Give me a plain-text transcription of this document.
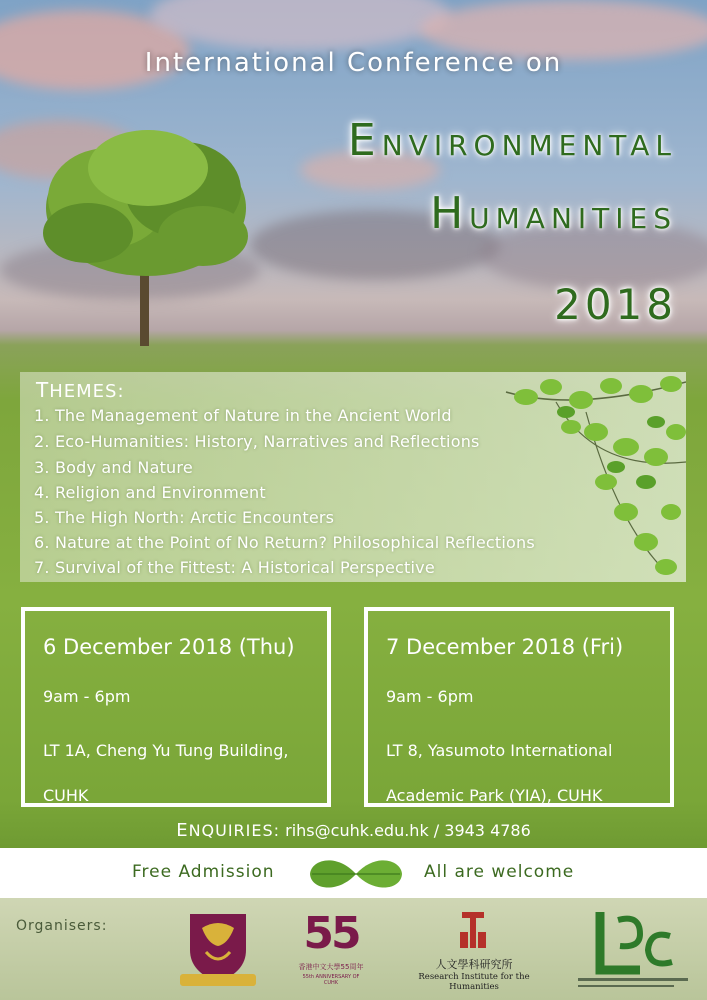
International Conference on
ENVIRONMENTAL
HUMANITIES
2018
THEMES:
1. The Management of Nature in the Ancient World
2. Eco-Humanities: History, Narratives and Reflections
3. Body and Nature
4. Religion and Environment
5. The High North: Arctic Encounters
6. Nature at the Point of No Return? Philosophical Reflections
7. Survival of the Fittest: A Historical Perspective
6 December 2018 (Thu)
9am - 6pm
LT 1A, Cheng Yu Tung Building, CUHK
7 December 2018 (Fri)
9am - 6pm
LT 8, Yasumoto International Academic Park (YIA), CUHK
ENQUIRIES: rihs@cuhk.edu.hk / 3943 4786
Free Admission	All are welcome
Organisers:	55
香港中文大學55周年
55th ANNIVERSARY OF CUHK
人文學科研究所
Research Institute for the Humanities
